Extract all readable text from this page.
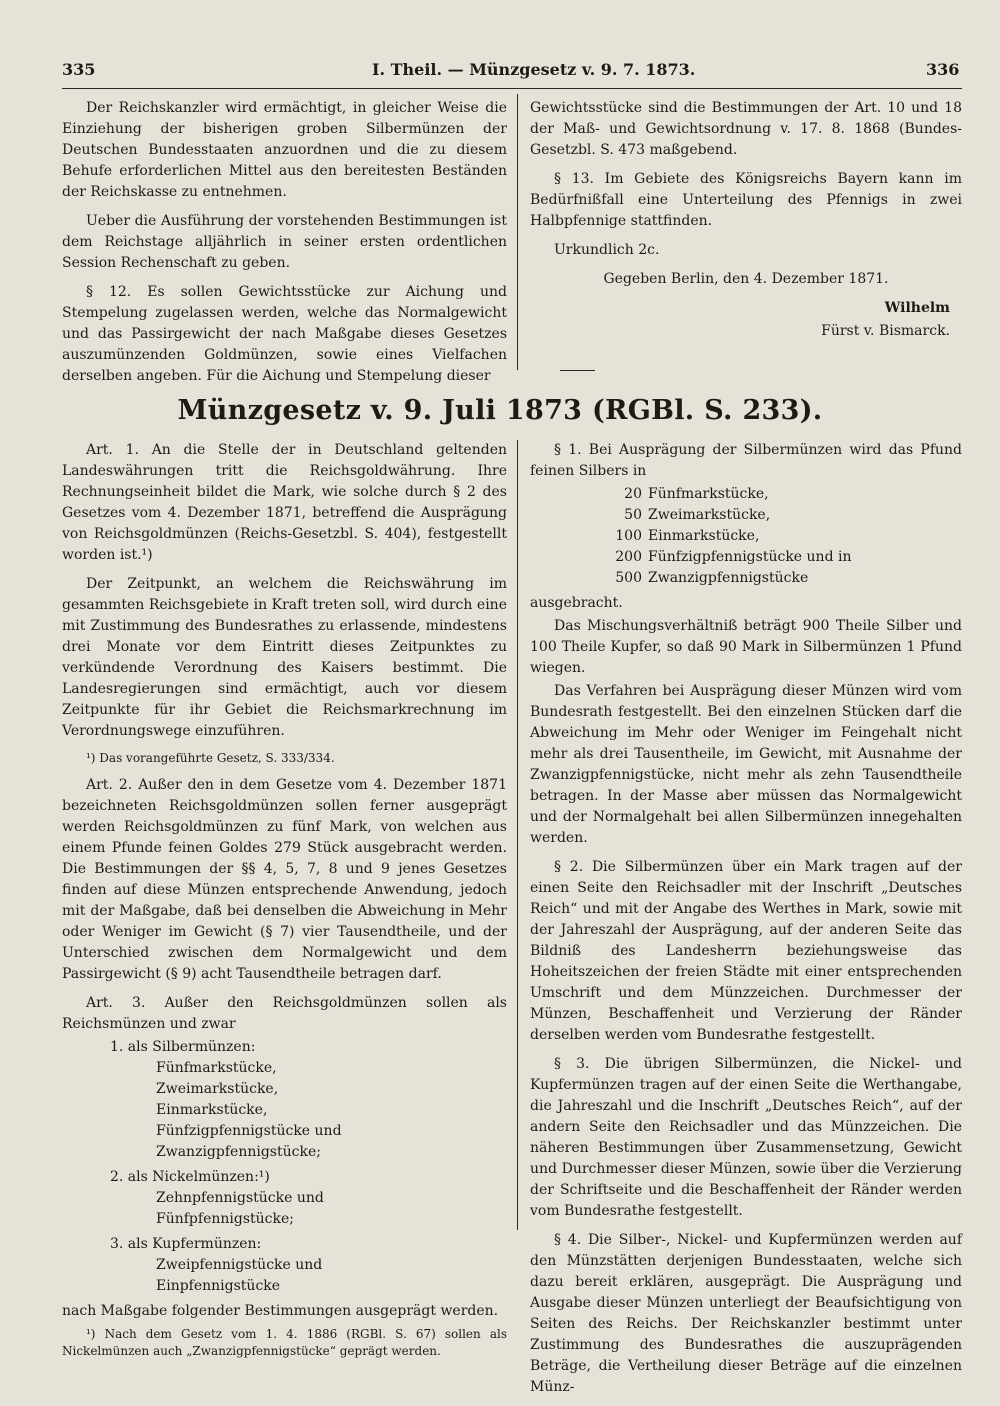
335	I. Theil. — Münzgesetz v. 9. 7. 1873.	336

Der Reichskanzler wird ermächtigt, in gleicher Weise die Einziehung der bisherigen groben Silbermünzen der Deutschen Bundesstaaten anzuordnen und die zu diesem Behufe erforderlichen Mittel aus den bereitesten Beständen der Reichskasse zu entnehmen.

Ueber die Ausführung der vorstehenden Bestimmungen ist dem Reichstage alljährlich in seiner ersten ordentlichen Session Rechenschaft zu geben.

§ 12. Es sollen Gewichtsstücke zur Aichung und Stempelung zugelassen werden, welche das Normalgewicht und das Passirgewicht der nach Maßgabe dieses Gesetzes auszumünzenden Goldmünzen, sowie eines Vielfachen derselben angeben. Für die Aichung und Stempelung dieser

Gewichtsstücke sind die Bestimmungen der Art. 10 und 18 der Maß- und Gewichtsordnung v. 17. 8. 1868 (Bundes-Gesetzbl. S. 473 maßgebend.

§ 13. Im Gebiete des Königsreichs Bayern kann im Bedürfnißfall eine Unterteilung des Pfennigs in zwei Halbpfennige stattfinden.

Urkundlich 2c.

Gegeben Berlin, den 4. Dezember 1871.

Wilhelm

Fürst v. Bismarck.

Münzgesetz v. 9. Juli 1873 (RGBl. S. 233).

Art. 1. An die Stelle der in Deutschland geltenden Landeswährungen tritt die Reichsgoldwährung. Ihre Rechnungseinheit bildet die Mark, wie solche durch § 2 des Gesetzes vom 4. Dezember 1871, betreffend die Ausprägung von Reichsgoldmünzen (Reichs-Gesetzbl. S. 404), festgestellt worden ist.¹)

Der Zeitpunkt, an welchem die Reichswährung im gesammten Reichsgebiete in Kraft treten soll, wird durch eine mit Zustimmung des Bundesrathes zu erlassende, mindestens drei Monate vor dem Eintritt dieses Zeitpunktes zu verkündende Verordnung des Kaisers bestimmt. Die Landesregierungen sind ermächtigt, auch vor diesem Zeitpunkte für ihr Gebiet die Reichsmarkrechnung im Verordnungswege einzuführen.

¹) Das vorangeführte Gesetz, S. 333/334.

Art. 2. Außer den in dem Gesetze vom 4. Dezember 1871 bezeichneten Reichsgoldmünzen sollen ferner ausgeprägt werden Reichsgoldmünzen zu fünf Mark, von welchen aus einem Pfunde feinen Goldes 279 Stück ausgebracht werden. Die Bestimmungen der §§ 4, 5, 7, 8 und 9 jenes Gesetzes finden auf diese Münzen entsprechende Anwendung, jedoch mit der Maßgabe, daß bei denselben die Abweichung in Mehr oder Weniger im Gewicht (§ 7) vier Tausendtheile, und der Unterschied zwischen dem Normalgewicht und dem Passirgewicht (§ 9) acht Tausendtheile betragen darf.

Art. 3. Außer den Reichsgoldmünzen sollen als Reichsmünzen und zwar

1. als Silbermünzen:
Fünfmarkstücke,
Zweimarkstücke,
Einmarkstücke,
Fünfzigpfennigstücke und
Zwanzigpfennigstücke;
2. als Nickelmünzen:¹)
Zehnpfennigstücke und
Fünfpfennigstücke;
3. als Kupfermünzen:
Zweipfennigstücke und
Einpfennigstücke

nach Maßgabe folgender Bestimmungen ausgeprägt werden.

¹) Nach dem Gesetz vom 1. 4. 1886 (RGBl. S. 67) sollen als Nickelmünzen auch „Zwanzigpfennigstücke“ geprägt werden.

§ 1. Bei Ausprägung der Silbermünzen wird das Pfund feinen Silbers in

20 Fünfmarkstücke,
50 Zweimarkstücke,
100 Einmarkstücke,
200 Fünfzigpfennigstücke und in
500 Zwanzigpfennigstücke

ausgebracht.

Das Mischungsverhältniß beträgt 900 Theile Silber und 100 Theile Kupfer, so daß 90 Mark in Silbermünzen 1 Pfund wiegen.

Das Verfahren bei Ausprägung dieser Münzen wird vom Bundesrath festgestellt. Bei den einzelnen Stücken darf die Abweichung im Mehr oder Weniger im Feingehalt nicht mehr als drei Tausentheile, im Gewicht, mit Ausnahme der Zwanzigpfennigstücke, nicht mehr als zehn Tausendtheile betragen. In der Masse aber müssen das Normalgewicht und der Normalgehalt bei allen Silbermünzen innegehalten werden.

§ 2. Die Silbermünzen über ein Mark tragen auf der einen Seite den Reichsadler mit der Inschrift „Deutsches Reich“ und mit der Angabe des Werthes in Mark, sowie mit der Jahreszahl der Ausprägung, auf der anderen Seite das Bildniß des Landesherrn beziehungsweise das Hoheitszeichen der freien Städte mit einer entsprechenden Umschrift und dem Münzzeichen. Durchmesser der Münzen, Beschaffenheit und Verzierung der Ränder derselben werden vom Bundesrathe festgestellt.

§ 3. Die übrigen Silbermünzen, die Nickel- und Kupfermünzen tragen auf der einen Seite die Werthangabe, die Jahreszahl und die Inschrift „Deutsches Reich“, auf der andern Seite den Reichsadler und das Münzzeichen. Die näheren Bestimmungen über Zusammensetzung, Gewicht und Durchmesser dieser Münzen, sowie über die Verzierung der Schriftseite und die Beschaffenheit der Ränder werden vom Bundesrathe festgestellt.

§ 4. Die Silber-, Nickel- und Kupfermünzen werden auf den Münzstätten derjenigen Bundesstaaten, welche sich dazu bereit erklären, ausgeprägt. Die Ausprägung und Ausgabe dieser Münzen unterliegt der Beaufsichtigung von Seiten des Reichs. Der Reichskanzler bestimmt unter Zustimmung des Bundesrathes die auszuprägenden Beträge, die Vertheilung dieser Beträge auf die einzelnen Münz-
